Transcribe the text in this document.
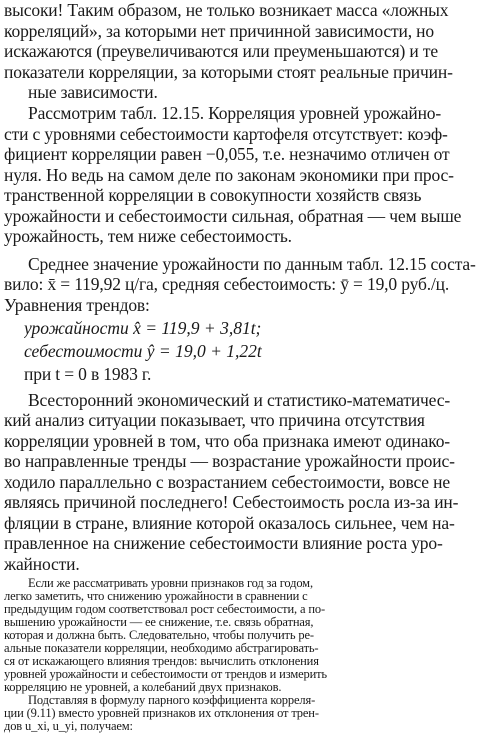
высоки! Таким образом, не только возникает масса «ложных
корреляций», за которыми нет причинной зависимости, но
искажаются (преувеличиваются или преуменьшаются) и те
показатели корреляции, за которыми стоят реальные причин-
ные зависимости.
Рассмотрим табл. 12.15. Корреляция уровней урожайно-
сти с уровнями себестоимости картофеля отсутствует: коэф-
фициент корреляции равен −0,055, т.е. незначимо отличен от
нуля. Но ведь на самом деле по законам экономики при прос-
транственной корреляции в совокупности хозяйств связь
урожайности и себестоимости сильная, обратная — чем выше
урожайность, тем ниже себестоимость.
Среднее значение урожайности по данным табл. 12.15 соста-
вило: x̄ = 119,92 ц/га, средняя себестоимость: ȳ = 19,0 руб./ц.
Уравнения трендов:
урожайности x̂ = 119,9 + 3,81t;
себестоимости ŷ = 19,0 + 1,22t
при t = 0 в 1983 г.
Всесторонний экономический и статистико-математичес-
кий анализ ситуации показывает, что причина отсутствия
корреляции уровней в том, что оба признака имеют одинако-
во направленные тренды — возрастание урожайности проис-
ходило параллельно с возрастанием себестоимости, вовсе не
являясь причиной последнего! Себестоимость росла из-за ин-
фляции в стране, влияние которой оказалось сильнее, чем на-
правленное на снижение себестоимости влияние роста уро-
жайности.
Если же рассматривать уровни признаков год за годом,
легко заметить, что снижению урожайности в сравнении с
предыдущим годом соответствовал рост себестоимости, а по-
вышению урожайности — ее снижение, т.е. связь обратная,
которая и должна быть. Следовательно, чтобы получить ре-
альные показатели корреляции, необходимо абстрагировать-
ся от искажающего влияния трендов: вычислить отклонения
уровней урожайности и себестоимости от трендов и измерить
корреляцию не уровней, а колебаний двух признаков.
Подставляя в формулу парного коэффициента корреля-
ции (9.11) вместо уровней признаков их отклонения от трен-
дов u_xi, u_yi, получаем:
